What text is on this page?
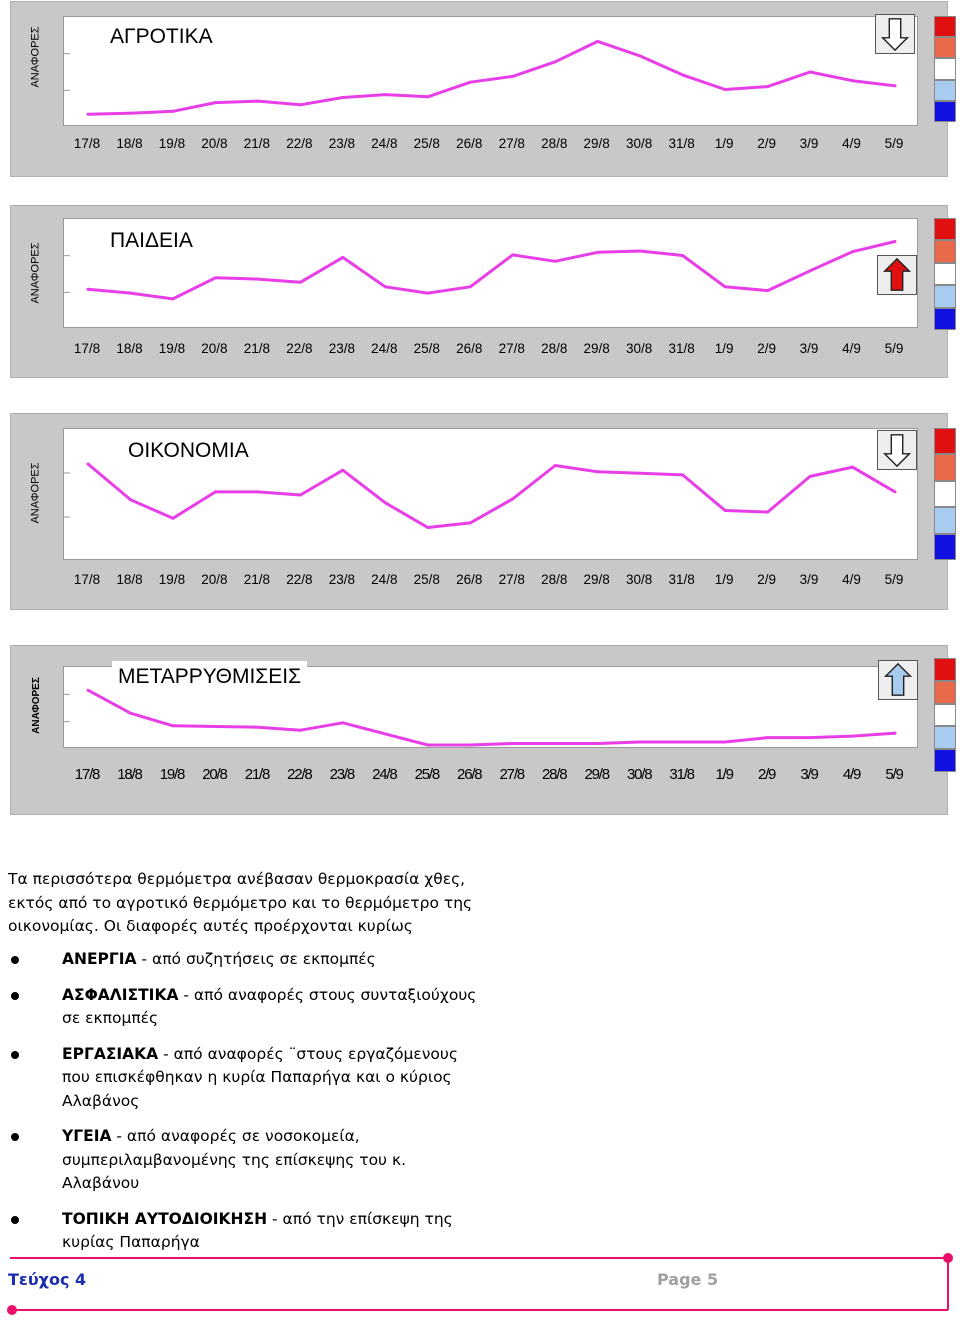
ΑΝΑΦΟΡΕΣ	ΑΓΡΟΤΙΚΑ
17/8 18/8 19/8 20/8 21/8 22/8 23/8 24/8 25/8 26/8 27/8 28/8 29/8 30/8 31/8 1/9 2/9 3/9 4/9 5/9
ΑΝΑΦΟΡΕΣ
ΠΑΙΔΕΙΑ
17/8 18/8 19/8 20/8 21/8 22/8 23/8 24/8 25/8 26/8 27/8 28/8 29/8 30/8 31/8 1/9 2/9 3/9 4/9 5/9
ΑΝΑΦΟΡΕΣ
ΟΙΚΟΝΟΜΙΑ
17/8 18/8 19/8 20/8 21/8 22/8 23/8 24/8 25/8 26/8 27/8 28/8 29/8 30/8 31/8 1/9 2/9 3/9 4/9 5/9
ΑΝΑΦΟΡΕΣ
ΜΕΤΑΡΡΥΘΜΙΣΕΙΣ
17/8 18/8 19/8 20/8 21/8 22/8 23/8 24/8 25/8 26/8 27/8 28/8 29/8 30/8 31/8 1/9 2/9 3/9 4/9 5/9

Τα περισσότερα θερμόμετρα ανέβασαν θερμοκρασία χθες, εκτός από το αγροτικό θερμόμετρο και το θερμόμετρο της οικονομίας. Οι διαφορές αυτές προέρχονται κυρίως

ΑΝΕΡΓΙΑ - από συζητήσεις σε εκπομπές
ΑΣΦΑΛΙΣΤΙΚΑ - από αναφορές στους συνταξιούχους σε εκπομπές
ΕΡΓΑΣΙΑΚΑ - από αναφορές ¨στους εργαζόμενους που επισκέφθηκαν η κυρία Παπαρήγα και ο κύριος Αλαβάνος
ΥΓΕΙΑ - από αναφορές σε νοσοκομεία, συμπεριλαμβανομένης της επίσκεψης του κ. Αλαβάνου
ΤΟΠΙΚΗ ΑΥΤΟΔΙΟΙΚΗΣΗ - από την επίσκεψη της κυρίας Παπαρήγα
Τεύχος 4	Page 5
